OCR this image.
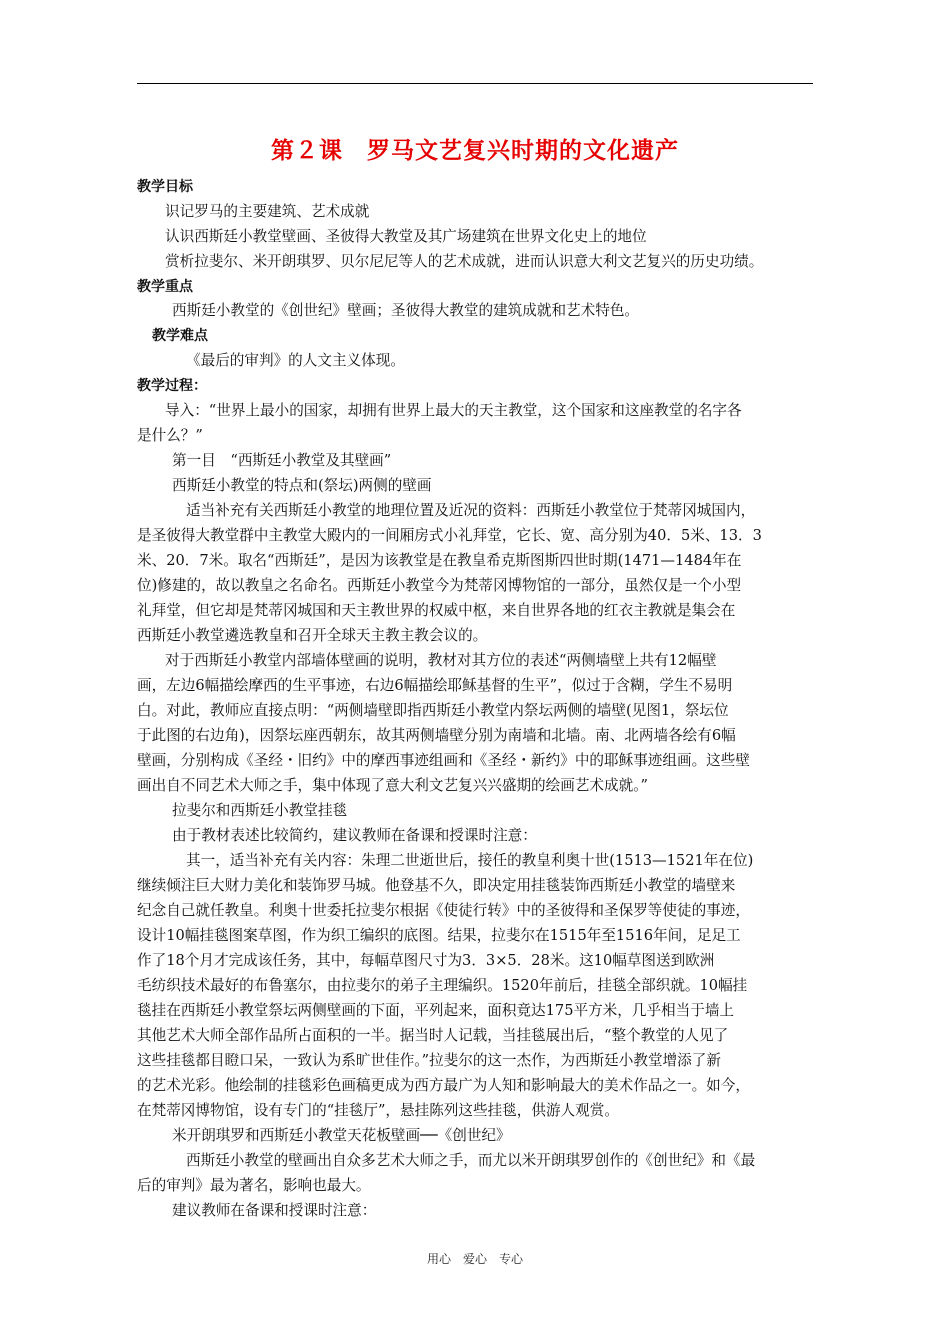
第２课　罗马文艺复兴时期的文化遗产
教学目标
识记罗马的主要建筑、艺术成就
认识西斯廷小教堂壁画、圣彼得大教堂及其广场建筑在世界文化史上的地位
赏析拉斐尔、米开朗琪罗、贝尔尼尼等人的艺术成就，进而认识意大利文艺复兴的历史功绩。
教学重点
西斯廷小教堂的《创世纪》壁画；圣彼得大教堂的建筑成就和艺术特色。
教学难点
《最后的审判》的人文主义体现。
教学过程：
导入：“世界上最小的国家，却拥有世界上最大的天主教堂，这个国家和这座教堂的名字各
是什么？”
第一目　“西斯廷小教堂及其壁画”
西斯廷小教堂的特点和(祭坛)两侧的壁画
适当补充有关西斯廷小教堂的地理位置及近况的资料：西斯廷小教堂位于梵蒂冈城国内，
是圣彼得大教堂群中主教堂大殿内的一间厢房式小礼拜堂，它长、宽、高分别为40．5米、13．3
米、20．7米。取名“西斯廷”，是因为该教堂是在教皇希克斯图斯四世时期(1471—1484年在
位)修建的，故以教皇之名命名。西斯廷小教堂今为梵蒂冈博物馆的一部分，虽然仅是一个小型
礼拜堂，但它却是梵蒂冈城国和天主教世界的权威中枢，来自世界各地的红衣主教就是集会在
西斯廷小教堂遴选教皇和召开全球天主教主教会议的。
对于西斯廷小教堂内部墙体壁画的说明，教材对其方位的表述“两侧墙壁上共有12幅壁
画，左边6幅描绘摩西的生平事迹，右边6幅描绘耶稣基督的生平”，似过于含糊，学生不易明
白。对此，教师应直接点明：“两侧墙壁即指西斯廷小教堂内祭坛两侧的墙壁(见图1，祭坛位
于此图的右边角)，因祭坛座西朝东，故其两侧墙壁分别为南墙和北墙。南、北两墙各绘有6幅
壁画，分别构成《圣经・旧约》中的摩西事迹组画和《圣经・新约》中的耶稣事迹组画。这些壁
画出自不同艺术大师之手，集中体现了意大利文艺复兴兴盛期的绘画艺术成就。”
拉斐尔和西斯廷小教堂挂毯
由于教材表述比较简约，建议教师在备课和授课时注意：
其一，适当补充有关内容：朱理二世逝世后，接任的教皇利奥十世(1513—1521年在位)
继续倾注巨大财力美化和装饰罗马城。他登基不久，即决定用挂毯装饰西斯廷小教堂的墙壁来
纪念自己就任教皇。利奥十世委托拉斐尔根据《使徒行转》中的圣彼得和圣保罗等使徒的事迹，
设计10幅挂毯图案草图，作为织工编织的底图。结果，拉斐尔在1515年至1516年间，足足工
作了18个月才完成该任务，其中，每幅草图尺寸为3．3×5．28米。这10幅草图送到欧洲
毛纺织技术最好的布鲁塞尔，由拉斐尔的弟子主理编织。1520年前后，挂毯全部织就。10幅挂
毯挂在西斯廷小教堂祭坛两侧壁画的下面，平列起来，面积竟达175平方米，几乎相当于墙上
其他艺术大师全部作品所占面积的一半。据当时人记载，当挂毯展出后，“整个教堂的人见了
这些挂毯都目瞪口呆，一致认为系旷世佳作。”拉斐尔的这一杰作，为西斯廷小教堂增添了新
的艺术光彩。他绘制的挂毯彩色画稿更成为西方最广为人知和影响最大的美术作品之一。如今，
在梵蒂冈博物馆，设有专门的“挂毯厅”，悬挂陈列这些挂毯，供游人观赏。
米开朗琪罗和西斯廷小教堂天花板壁画──《创世纪》
西斯廷小教堂的壁画出自众多艺术大师之手，而尤以米开朗琪罗创作的《创世纪》和《最
后的审判》最为著名，影响也最大。
建议教师在备课和授课时注意：
用心　爱心　专心
